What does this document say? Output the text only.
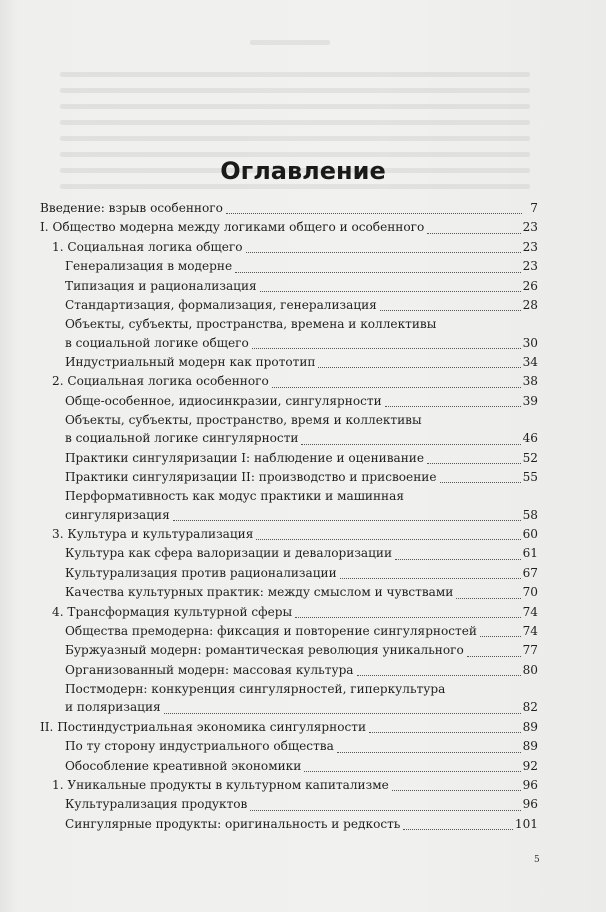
Оглавление
Введение: взрыв особенного	7
I. Общество модерна между логиками общего и особенного	23
1. Социальная логика общего	23
Генерализация в модерне	23
Типизация и рационализация	26
Стандартизация, формализация, генерализация	28
Объекты, субъекты, пространства, времена и коллективы
в социальной логике общего	30
Индустриальный модерн как прототип	34
2. Социальная логика особенного	38
Обще-особенное, идиосинкразии, сингулярности	39
Объекты, субъекты, пространство, время и коллективы
в социальной логике сингулярности	46
Практики сингуляризации I: наблюдение и оценивание	52
Практики сингуляризации II: производство и присвоение	55
Перформативность как модус практики и машинная
сингуляризация	58
3. Культура и культурализация	60
Культура как сфера валоризации и девалоризации	61
Культурализация против рационализации	67
Качества культурных практик: между смыслом и чувствами	70
4. Трансформация культурной сферы	74
Общества премодерна: фиксация и повторение сингулярностей	74
Буржуазный модерн: романтическая революция уникального	77
Организованный модерн: массовая культура	80
Постмодерн: конкуренция сингулярностей, гиперкультура
и поляризация	82
II. Постиндустриальная экономика сингулярности	89
По ту сторону индустриального общества	89
Обособление креативной экономики	92
1. Уникальные продукты в культурном капитализме	96
Культурализация продуктов	96
Сингулярные продукты: оригинальность и редкость	101
5
